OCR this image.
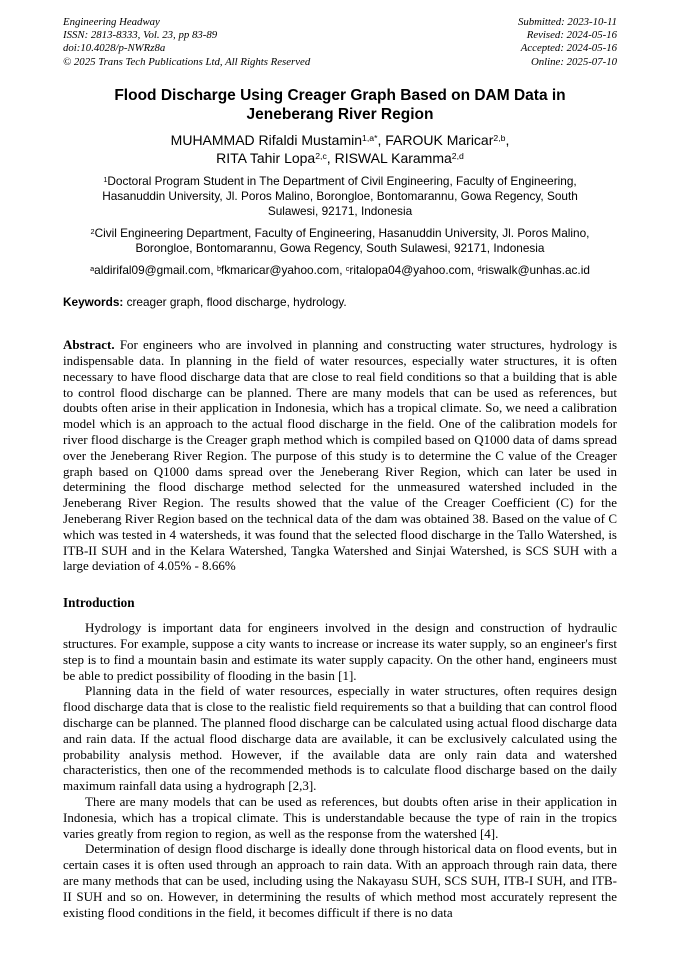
Engineering Headway
ISSN: 2813-8333, Vol. 23, pp 83-89
doi:10.4028/p-NWRz8a
© 2025 Trans Tech Publications Ltd, All Rights Reserved
Submitted: 2023-10-11
Revised: 2024-05-16
Accepted: 2024-05-16
Online: 2025-07-10
Flood Discharge Using Creager Graph Based on DAM Data in Jeneberang River Region
MUHAMMAD Rifaldi Mustamin$^{1,a*}$, FAROUK Maricar$^{2,b}$,
RITA Tahir Lopa$^{2,c}$, RISWAL Karamma$^{2,d}$
$^1$Doctoral Program Student in The Department of Civil Engineering, Faculty of Engineering, Hasanuddin University, Jl. Poros Malino, Borongloe, Bontomarannu, Gowa Regency, South Sulawesi, 92171, Indonesia
$^2$Civil Engineering Department, Faculty of Engineering, Hasanuddin University, Jl. Poros Malino, Borongloe, Bontomarannu, Gowa Regency, South Sulawesi, 92171, Indonesia
$^a$aldirifal09@gmail.com, $^b$fkmaricar@yahoo.com, $^c$ritalopa04@yahoo.com, $^d$riswalk@unhas.ac.id
Keywords: creager graph, flood discharge, hydrology.
Abstract. For engineers who are involved in planning and constructing water structures, hydrology is indispensable data. In planning in the field of water resources, especially water structures, it is often necessary to have flood discharge data that are close to real field conditions so that a building that is able to control flood discharge can be planned. There are many models that can be used as references, but doubts often arise in their application in Indonesia, which has a tropical climate. So, we need a calibration model which is an approach to the actual flood discharge in the field. One of the calibration models for river flood discharge is the Creager graph method which is compiled based on Q1000 data of dams spread over the Jeneberang River Region. The purpose of this study is to determine the C value of the Creager graph based on Q1000 dams spread over the Jeneberang River Region, which can later be used in determining the flood discharge method selected for the unmeasured watershed included in the Jeneberang River Region. The results showed that the value of the Creager Coefficient (C) for the Jeneberang River Region based on the technical data of the dam was obtained 38. Based on the value of C which was tested in 4 watersheds, it was found that the selected flood discharge in the Tallo Watershed, is ITB-II SUH and in the Kelara Watershed, Tangka Watershed and Sinjai Watershed, is SCS SUH with a large deviation of 4.05% - 8.66%
Introduction

Hydrology is important data for engineers involved in the design and construction of hydraulic structures. For example, suppose a city wants to increase or increase its water supply, so an engineer's first step is to find a mountain basin and estimate its water supply capacity. On the other hand, engineers must be able to predict possibility of flooding in the basin [1].

Planning data in the field of water resources, especially in water structures, often requires design flood discharge data that is close to the realistic field requirements so that a building that can control flood discharge can be planned. The planned flood discharge can be calculated using actual flood discharge data and rain data. If the actual flood discharge data are available, it can be exclusively calculated using the probability analysis method. However, if the available data are only rain data and watershed characteristics, then one of the recommended methods is to calculate flood discharge based on the daily maximum rainfall data using a hydrograph [2,3].

There are many models that can be used as references, but doubts often arise in their application in Indonesia, which has a tropical climate. This is understandable because the type of rain in the tropics varies greatly from region to region, as well as the response from the watershed [4].

Determination of design flood discharge is ideally done through historical data on flood events, but in certain cases it is often used through an approach to rain data. With an approach through rain data, there are many methods that can be used, including using the Nakayasu SUH, SCS SUH, ITB-I SUH, and ITB-II SUH and so on. However, in determining the results of which method most accurately represent the existing flood conditions in the field, it becomes difficult if there is no data
